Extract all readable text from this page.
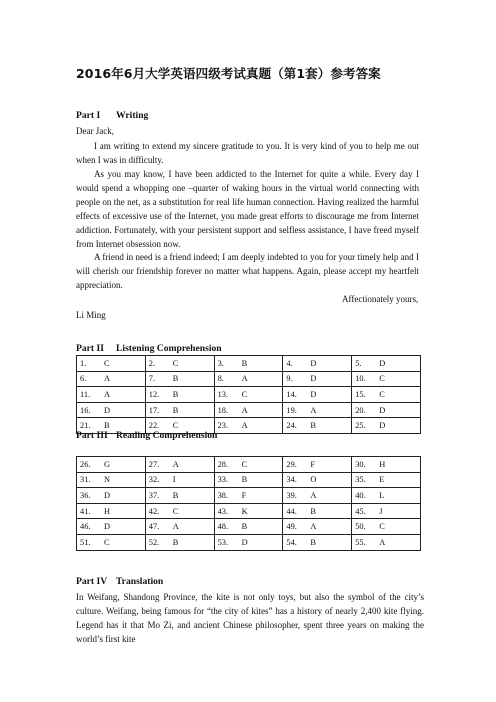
2016年6月大学英语四级考试真题（第1套）参考答案
Part I Writing
Dear Jack,

I am writing to extend my sincere gratitude to you. It is very kind of you to help me out when I was in difficulty.

As you may know, I have been addicted to the Internet for quite a while. Every day I would spend a whopping one –quarter of waking hours in the virtual world connecting with people on the net, as a substitution for real life human connection. Having realized the harmful effects of excessive use of the Internet, you made great efforts to discourage me from Internet addiction. Fortunately, with your persistent support and selfless assistance, I have freed myself from Internet obsession now.

A friend in need is a friend indeed; I am deeply indebted to you for your timely help and I will cherish our friendship forever no matter what happens. Again, please accept my heartfelt appreciation.

Affectionately yours,
Li Ming
Part II Listening Comprehension
1. C	2. C	3. B	4. D	5. D
6. A	7. B	8. A	9. D	10. C
11. A	12. B	13. C	14. D	15. C
16. D	17. B	18. A	19. A	20. D
21. B	22. C	23. A	24. B	25. D
Part III Reading Comprehension
26. G	27. A	28. C	29. F	30. H
31. N	32. I	33. B	34. O	35. E
36. D	37. B	38. F	39. A	40. L
41. H	42. C	43. K	44. B	45. J
46. D	47. A	48. B	49. A	50. C
51. C	52. B	53. D	54. B	55. A
Part IV Translation

In Weifang, Shandong Province, the kite is not only toys, but also the symbol of the city’s culture. Weifang, being famous for “the city of kites” has a history of nearly 2,400 kite flying. Legend has it that Mo Zi, and ancient Chinese philosopher, spent three years on making the world’s first kite
